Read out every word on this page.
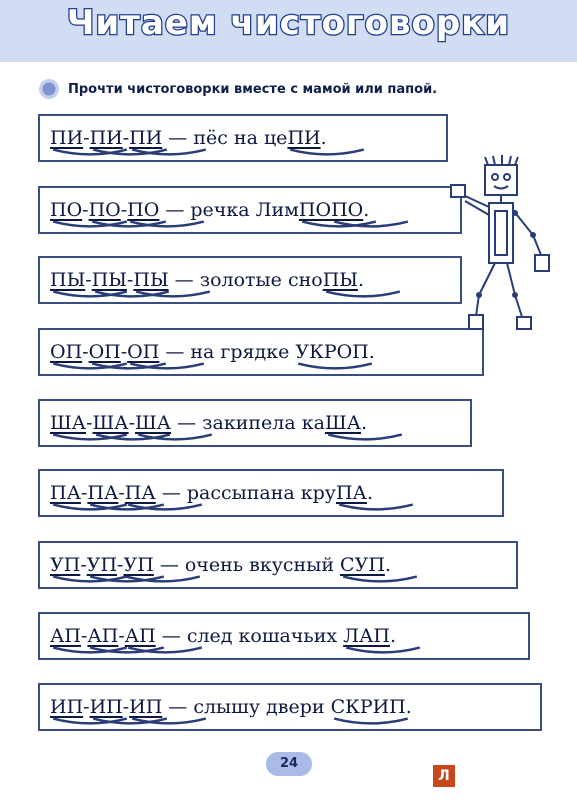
Читаем чистоговорки
Прочти чистоговорки вместе с мамой или папой.
ПИ
-ПИ
-ПИ
— пёс на цеПИ
.
ПО
-ПО
-ПО
— речка ЛимПО
ПО
.
ПЫ
-ПЫ
-ПЫ
— золотые сноПЫ
.
ОП
-ОП
-ОП
— на грядке УКРОП
.
ША
-ША
-ША
— закипела каША
.
ПА
-ПА
-ПА
— рассыпана круПА
.
УП
-УП
-УП
— очень вкусный СУП
.
АП
-АП
-АП
— след кошачьих ЛАП
.
ИП
-ИП
-ИП
— слышу двери СКРИП
.
24
Л
